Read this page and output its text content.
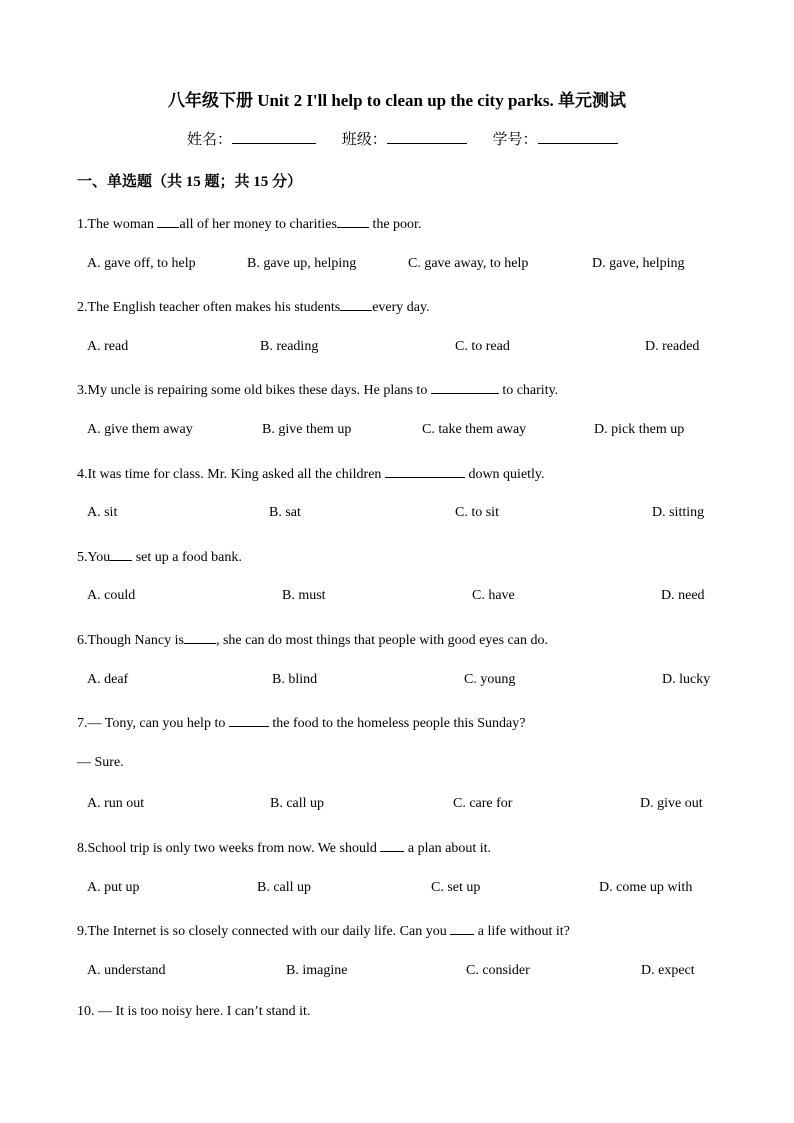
八年级下册 Unit 2 I'll help to clean up the city parks. 单元测试
姓名：	班级：	学号：
一、单选题（共 15 题；共 15 分）
1.The woman all of her money to charities the poor.
A. gave off, to help	B. gave up, helping	C. gave away, to help	D. gave, helping
2.The English teacher often makes his students every day.
A. read	B. reading	C. to read	D. readed
3.My uncle is repairing some old bikes these days. He plans to	to charity.
A. give them away	B. give them up	C. take them away	D. pick them up
4.It was time for class. Mr. King asked all the children	down quietly.
A. sit	B. sat	C. to sit	D. sitting
5.You set up a food bank.
A. could	B. must	C. have	D. need
6.Though Nancy is , she can do most things that people with good eyes can do.
A. deaf	B. blind	C. young	D. lucky
7.— Tony, can you help to	the food to the homeless people this Sunday?
— Sure.
A. run out	B. call up	C. care for	D. give out
8.School trip is only two weeks from now. We should  a plan about it.
A. put up	B. call up	C. set up	D. come up with
9.The Internet is so closely connected with our daily life. Can you  a life without it?
A. understand	B. imagine	C. consider	D. expect
10. — It is too noisy here. I can’t stand it.
